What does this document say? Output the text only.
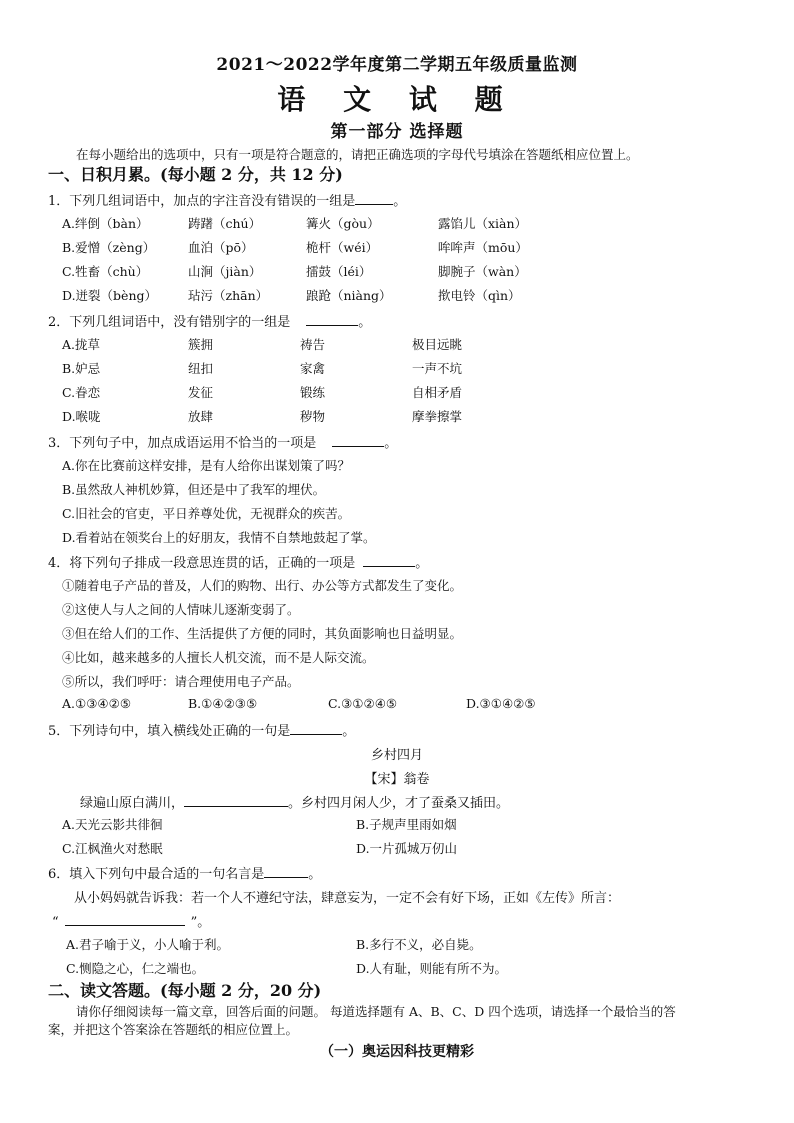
2021～2022学年度第二学期五年级质量监测
语 文 试 题
第一部分 选择题
在每小题给出的选项中，只有一项是符合题意的，请把正确选项的字母代号填涂在答题纸相应位置上。
一、日积月累。(每小题 2 分，共 12 分)
1．下列几组词语中，加点的字注音没有错误的一组是	。
A.绊倒（bàn）	踌躇（chú）	篝火（gòu）	露馅儿（xiàn）
B.爱憎（zèng）	血泊（pō）	桅杆（wéi）	哞哞声（mōu）
C.牲畜（chù）	山涧（jiàn）	擂鼓（léi）	脚腕子（wàn）
D.迸裂（bèng） 玷污（zhān）	踉跄（niàng）	揿电铃（qìn）
2．下列几组词语中，没有错别字的一组是	。
A.拢草	簇拥	祷告	极目远眺
B.妒忌	纽扣	家禽	一声不坑
C.眷恋	发征	锻练	自相矛盾
D.喉咙	放肆	秽物	摩拳擦掌
3．下列句子中，加点成语运用不恰当的一项是	。
A.你在比赛前这样安排，是有人给你出谋划策了吗？
B.虽然敌人神机妙算，但还是中了我军的埋伏。
C.旧社会的官吏，平日养尊处优，无视群众的疾苦。
D.看着站在领奖台上的好朋友，我情不自禁地鼓起了掌。
4．将下列句子排成一段意思连贯的话，正确的一项是	。
①随着电子产品的普及，人们的购物、出行、办公等方式都发生了变化。
②这使人与人之间的人情味儿逐渐变弱了。
③但在给人们的工作、生活提供了方便的同时，其负面影响也日益明显。
④比如，越来越多的人擅长人机交流，而不是人际交流。
⑤所以，我们呼吁：请合理使用电子产品。
A.①③④②⑤	B.①④②③⑤	C.③①②④⑤	D.③①④②⑤
5．下列诗句中，填入横线处正确的一句是	。
乡村四月
【宋】翁卷
绿遍山原白满川，	。乡村四月闲人少，才了蚕桑又插田。
A.天光云影共徘徊	B.子规声里雨如烟
C.江枫渔火对愁眠	D.一片孤城万仞山
6．填入下列句中最合适的一句名言是	。
从小妈妈就告诉我：若一个人不遵纪守法，肆意妄为，一定不会有好下场，正如《左传》所言：
“	”。
A.君子喻于义，小人喻于利。	B.多行不义，必自毙。
C.恻隐之心，仁之端也。	D.人有耻，则能有所不为。
二、读文答题。(每小题 2 分，20 分)
请你仔细阅读每一篇文章，回答后面的问题。 每道选择题有 A、B、C、D 四个选项，请选择一个最恰当的答
案，并把这个答案涂在答题纸的相应位置上。
（一）奥运因科技更精彩
